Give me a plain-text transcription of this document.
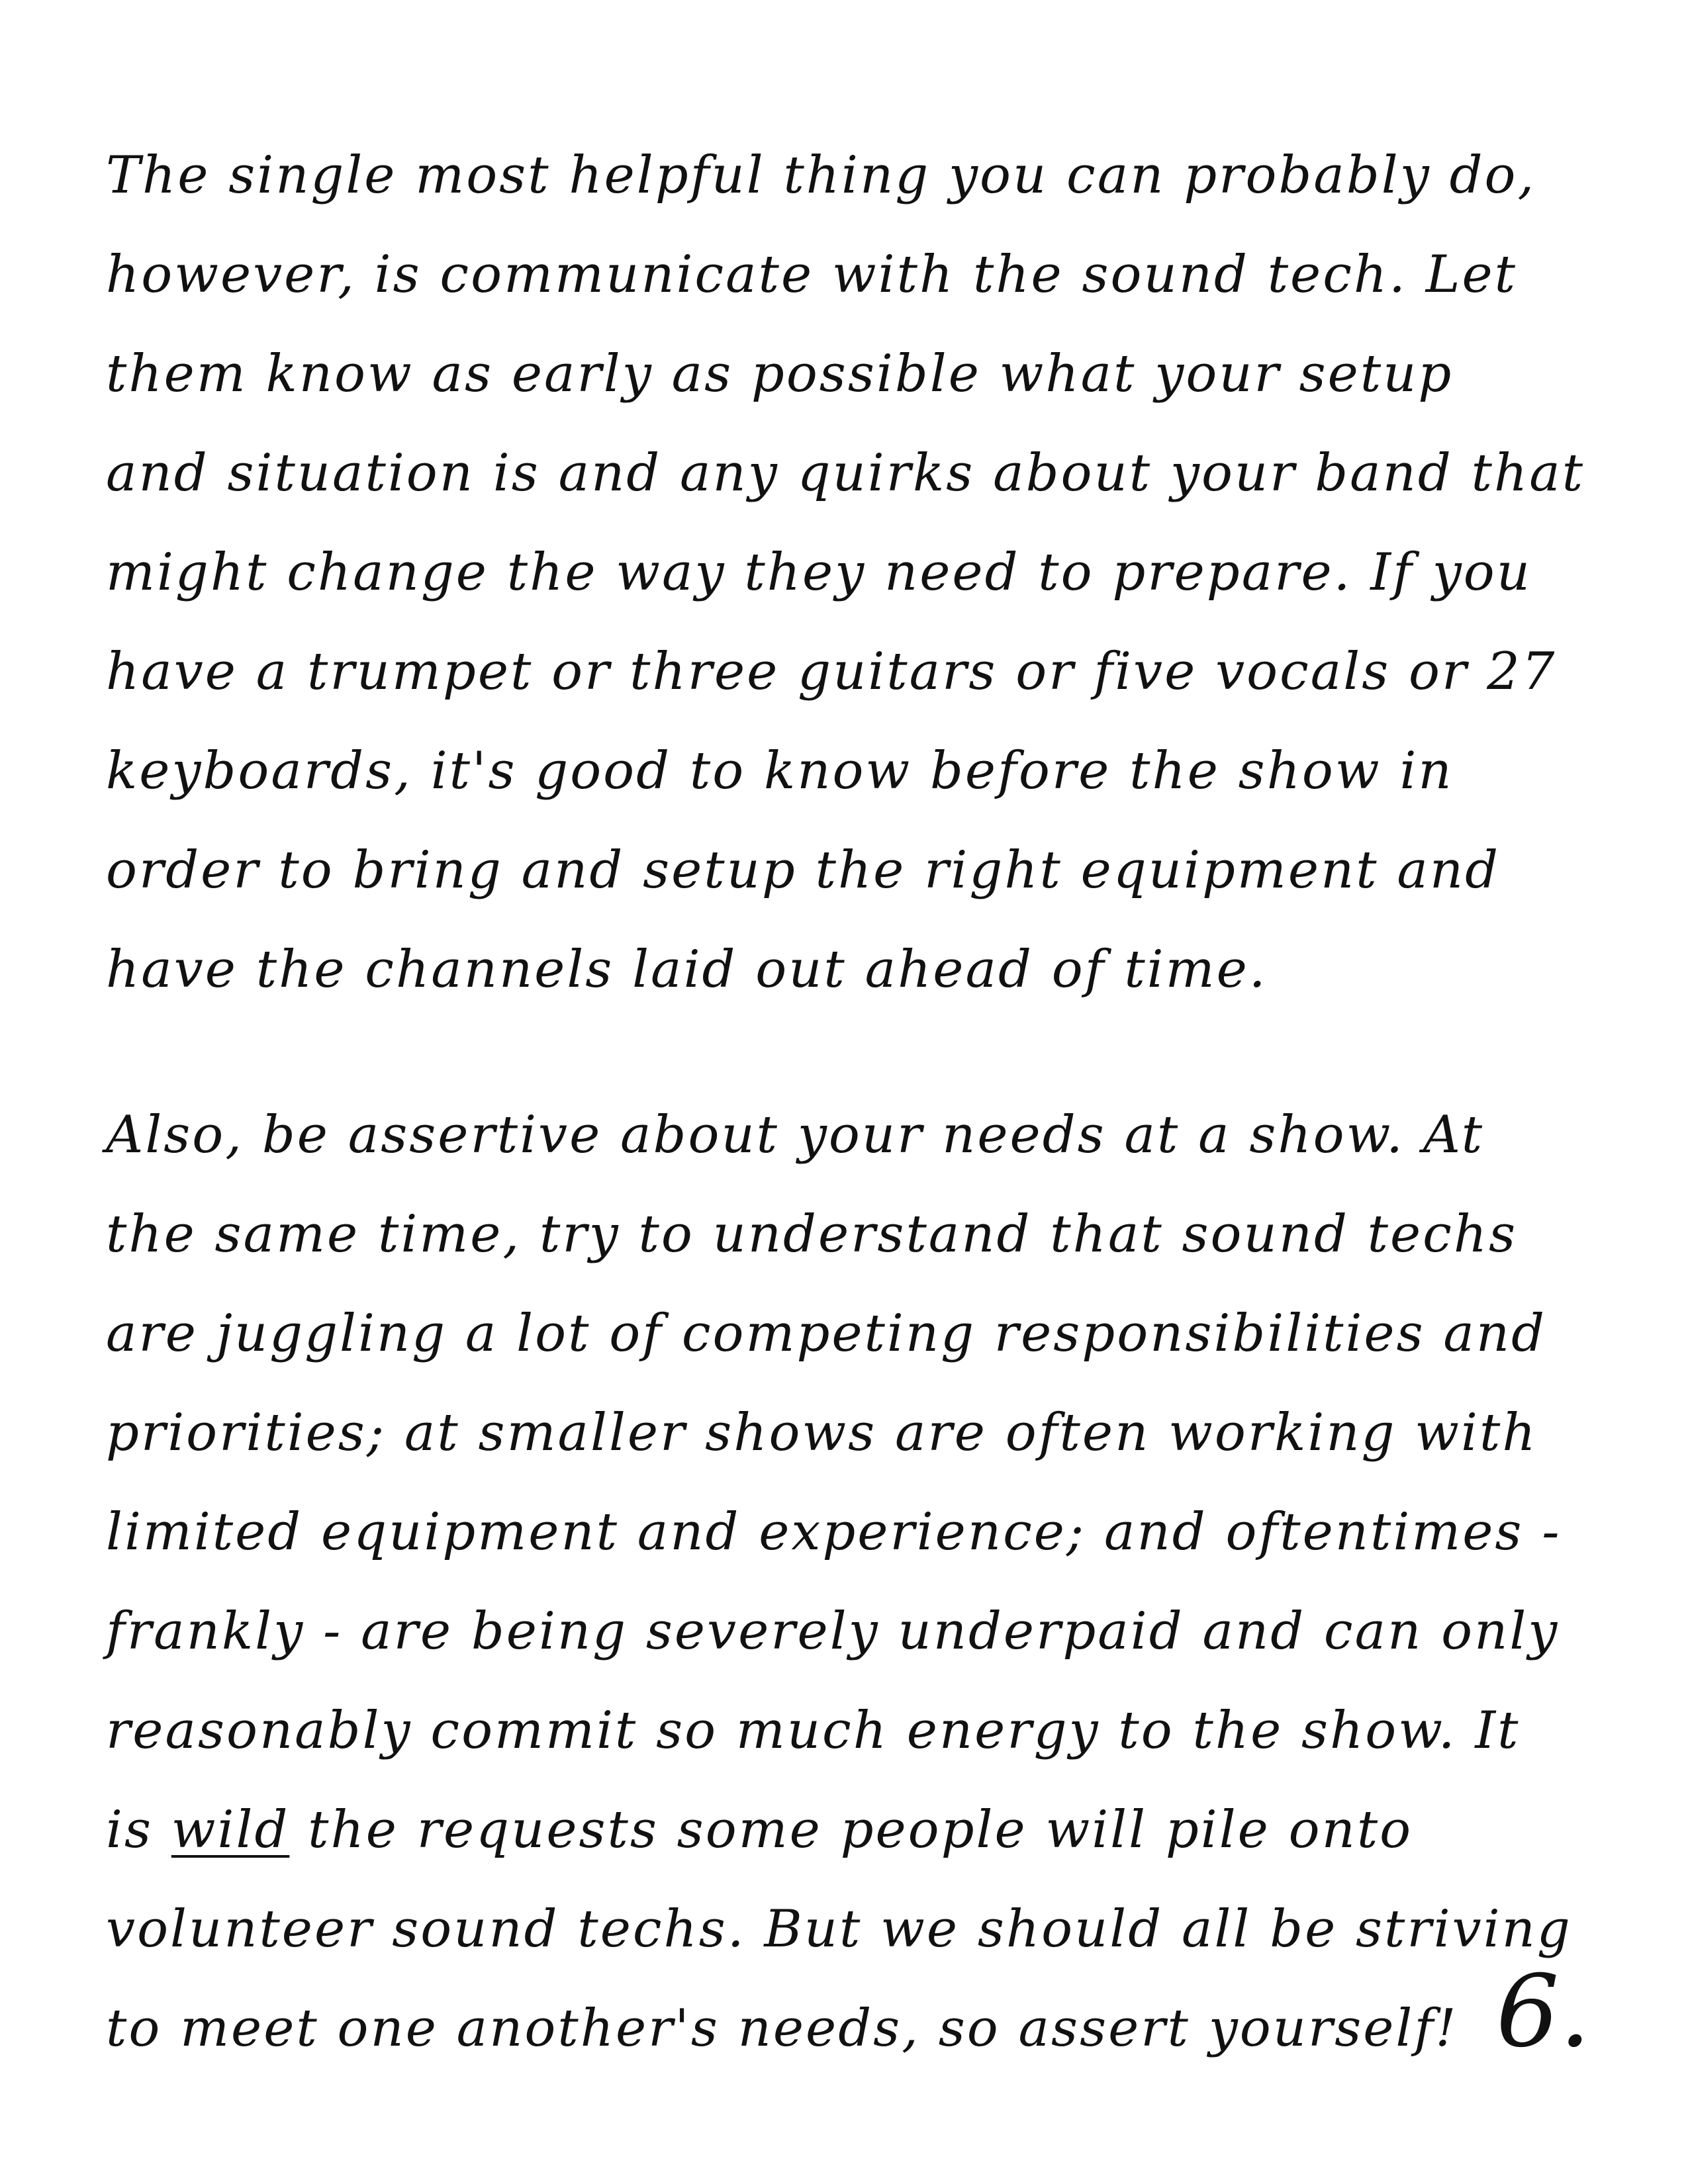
The single most helpful thing you can probably do,
however, is communicate with the sound tech. Let
them know as early as possible what your setup
and situation is and any quirks about your band that
might change the way they need to prepare. If you
have a trumpet or three guitars or five vocals or 27
keyboards, it's good to know before the show in
order to bring and setup the right equipment and
have the channels laid out ahead of time.
Also, be assertive about your needs at a show. At
the same time, try to understand that sound techs
are juggling a lot of competing responsibilities and
priorities; at smaller shows are often working with
limited equipment and experience; and oftentimes -
frankly - are being severely underpaid and can only
reasonably commit so much energy to the show. It
is wild the requests some people will pile onto
volunteer sound techs. But we should all be striving
to meet one another's needs, so assert yourself! 6.
